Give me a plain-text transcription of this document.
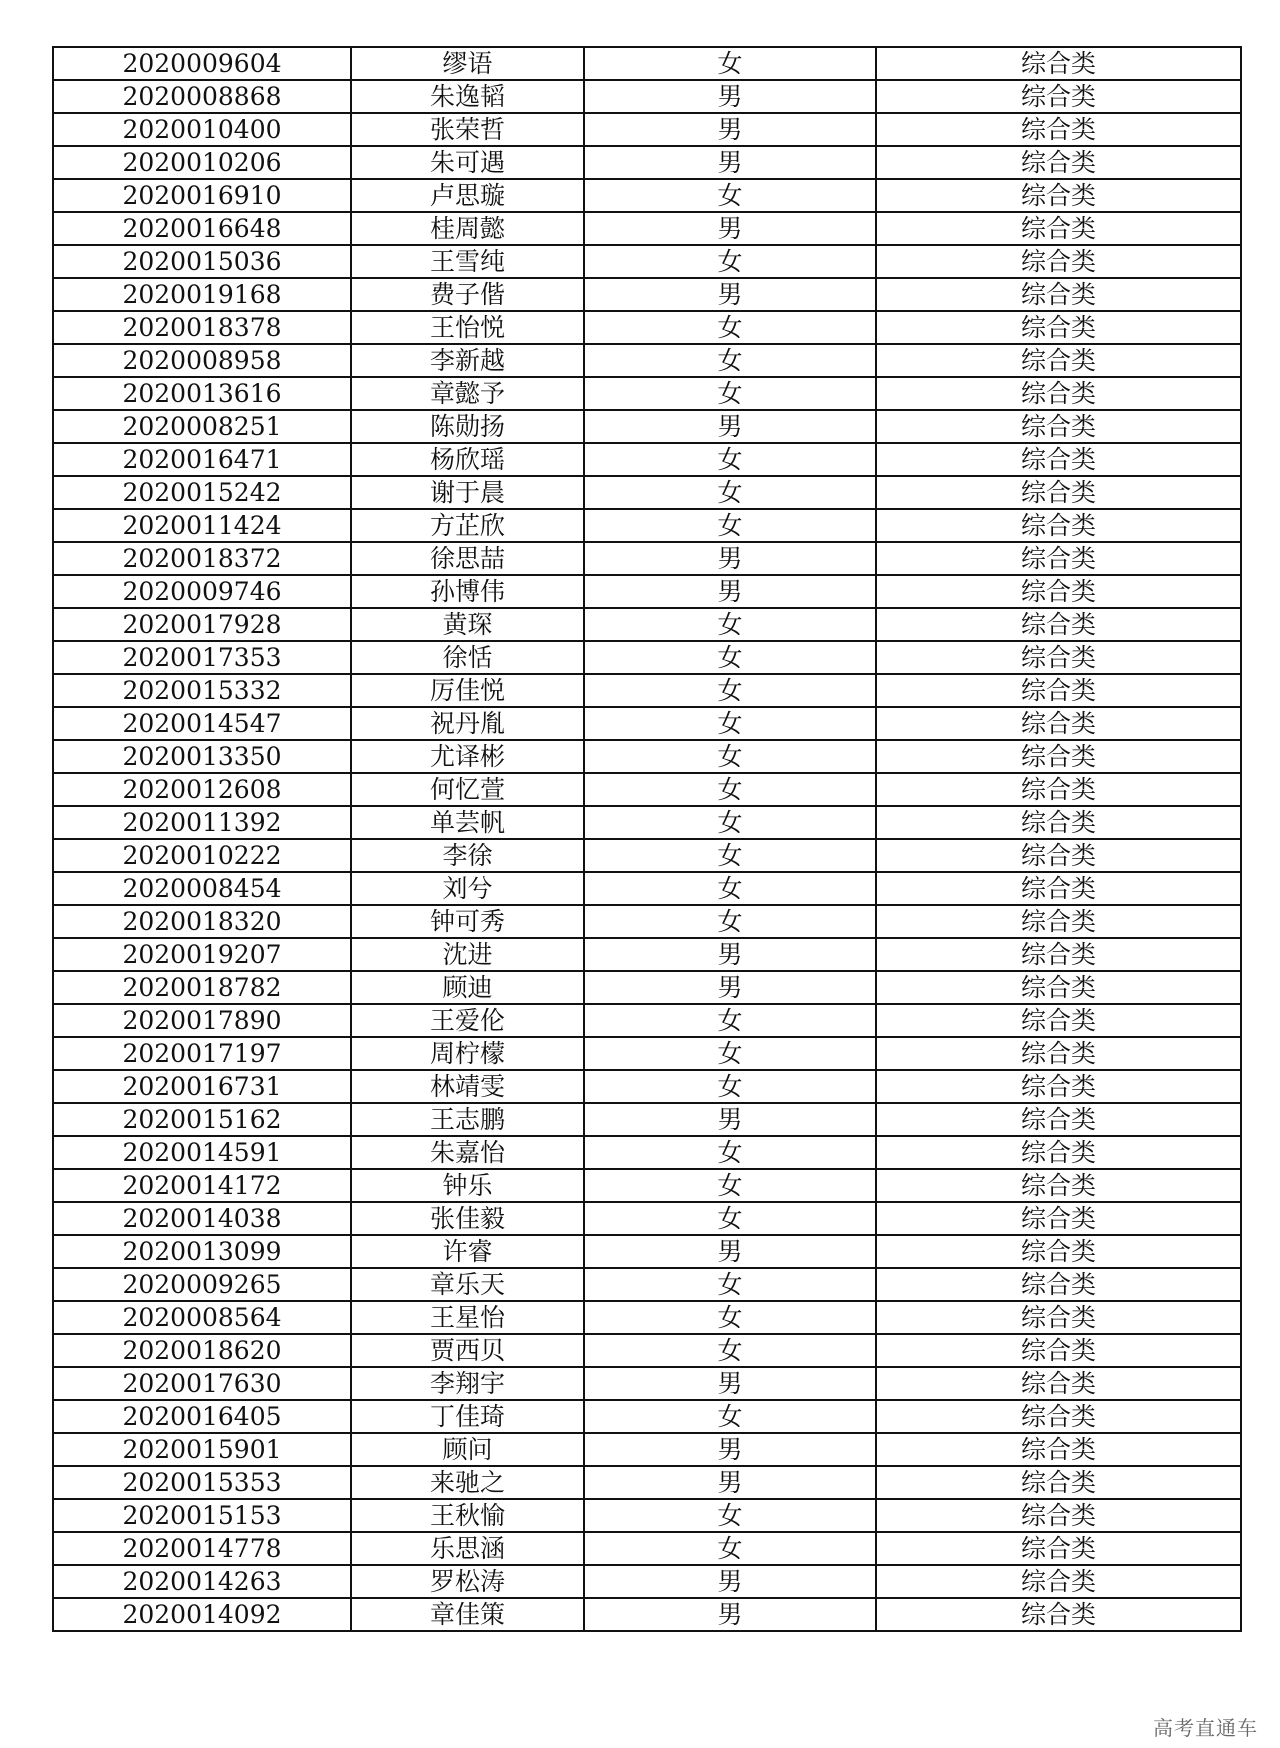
2020009604	缪语	女	综合类
2020008868	朱逸韬	男	综合类
2020010400	张荣哲	男	综合类
2020010206	朱可遇	男	综合类
2020016910	卢思璇	女	综合类
2020016648	桂周懿	男	综合类
2020015036	王雪纯	女	综合类
2020019168	费子偕	男	综合类
2020018378	王怡悦	女	综合类
2020008958	李新越	女	综合类
2020013616	章懿予	女	综合类
2020008251	陈勋扬	男	综合类
2020016471	杨欣瑶	女	综合类
2020015242	谢于晨	女	综合类
2020011424	方芷欣	女	综合类
2020018372	徐思喆	男	综合类
2020009746	孙博伟	男	综合类
2020017928	黄琛	女	综合类
2020017353	徐恬	女	综合类
2020015332	厉佳悦	女	综合类
2020014547	祝丹胤	女	综合类
2020013350	尤译彬	女	综合类
2020012608	何忆萱	女	综合类
2020011392	单芸帆	女	综合类
2020010222	李徐	女	综合类
2020008454	刘兮	女	综合类
2020018320	钟可秀	女	综合类
2020019207	沈进	男	综合类
2020018782	顾迪	男	综合类
2020017890	王爱伦	女	综合类
2020017197	周柠檬	女	综合类
2020016731	林靖雯	女	综合类
2020015162	王志鹏	男	综合类
2020014591	朱嘉怡	女	综合类
2020014172	钟乐	女	综合类
2020014038	张佳毅	女	综合类
2020013099	许睿	男	综合类
2020009265	章乐天	女	综合类
2020008564	王星怡	女	综合类
2020018620	贾西贝	女	综合类
2020017630	李翔宇	男	综合类
2020016405	丁佳琦	女	综合类
2020015901	顾问	男	综合类
2020015353	来驰之	男	综合类
2020015153	王秋愉	女	综合类
2020014778	乐思涵	女	综合类
2020014263	罗松涛	男	综合类
2020014092	章佳策	男	综合类
高考直通车
